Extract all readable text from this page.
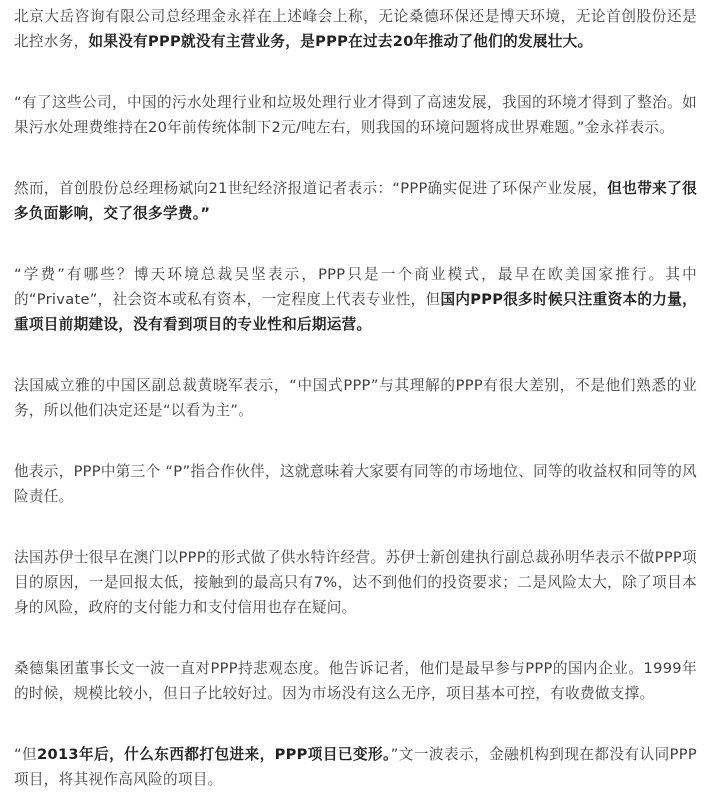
北京大岳咨询有限公司总经理金永祥在上述峰会上称，无论桑德环保还是博天环境，无论首创股份还是北控水务，如果没有PPP就没有主营业务，是PPP在过去20年推动了他们的发展壮大。

“有了这些公司，中国的污水处理行业和垃圾处理行业才得到了高速发展，我国的环境才得到了整治。如果污水处理费维持在20年前传统体制下2元/吨左右，则我国的环境问题将成世界难题。”金永祥表示。

然而，首创股份总经理杨斌向21世纪经济报道记者表示：“PPP确实促进了环保产业发展，但也带来了很多负面影响，交了很多学费。”

“学费”有哪些？博天环境总裁吴坚表示，PPP只是一个商业模式，最早在欧美国家推行。其中的“Private”，社会资本或私有资本，一定程度上代表专业性，但国内PPP很多时候只注重资本的力量，重项目前期建设，没有看到项目的专业性和后期运营。

法国威立雅的中国区副总裁黄晓军表示，“中国式PPP”与其理解的PPP有很大差别，不是他们熟悉的业务，所以他们决定还是“以看为主”。

他表示，PPP中第三个 “P”指合作伙伴，这就意味着大家要有同等的市场地位、同等的收益权和同等的风险责任。

法国苏伊士很早在澳门以PPP的形式做了供水特许经营。苏伊士新创建执行副总裁孙明华表示不做PPP项目的原因，一是回报太低，接触到的最高只有7%，达不到他们的投资要求；二是风险太大，除了项目本身的风险，政府的支付能力和支付信用也存在疑问。

桑德集团董事长文一波一直对PPP持悲观态度。他告诉记者，他们是最早参与PPP的国内企业。1999年的时候，规模比较小，但日子比较好过。因为市场没有这么无序，项目基本可控，有收费做支撑。

“但2013年后，什么东西都打包进来，PPP项目已变形。”文一波表示，金融机构到现在都没有认同PPP项目，将其视作高风险的项目。
